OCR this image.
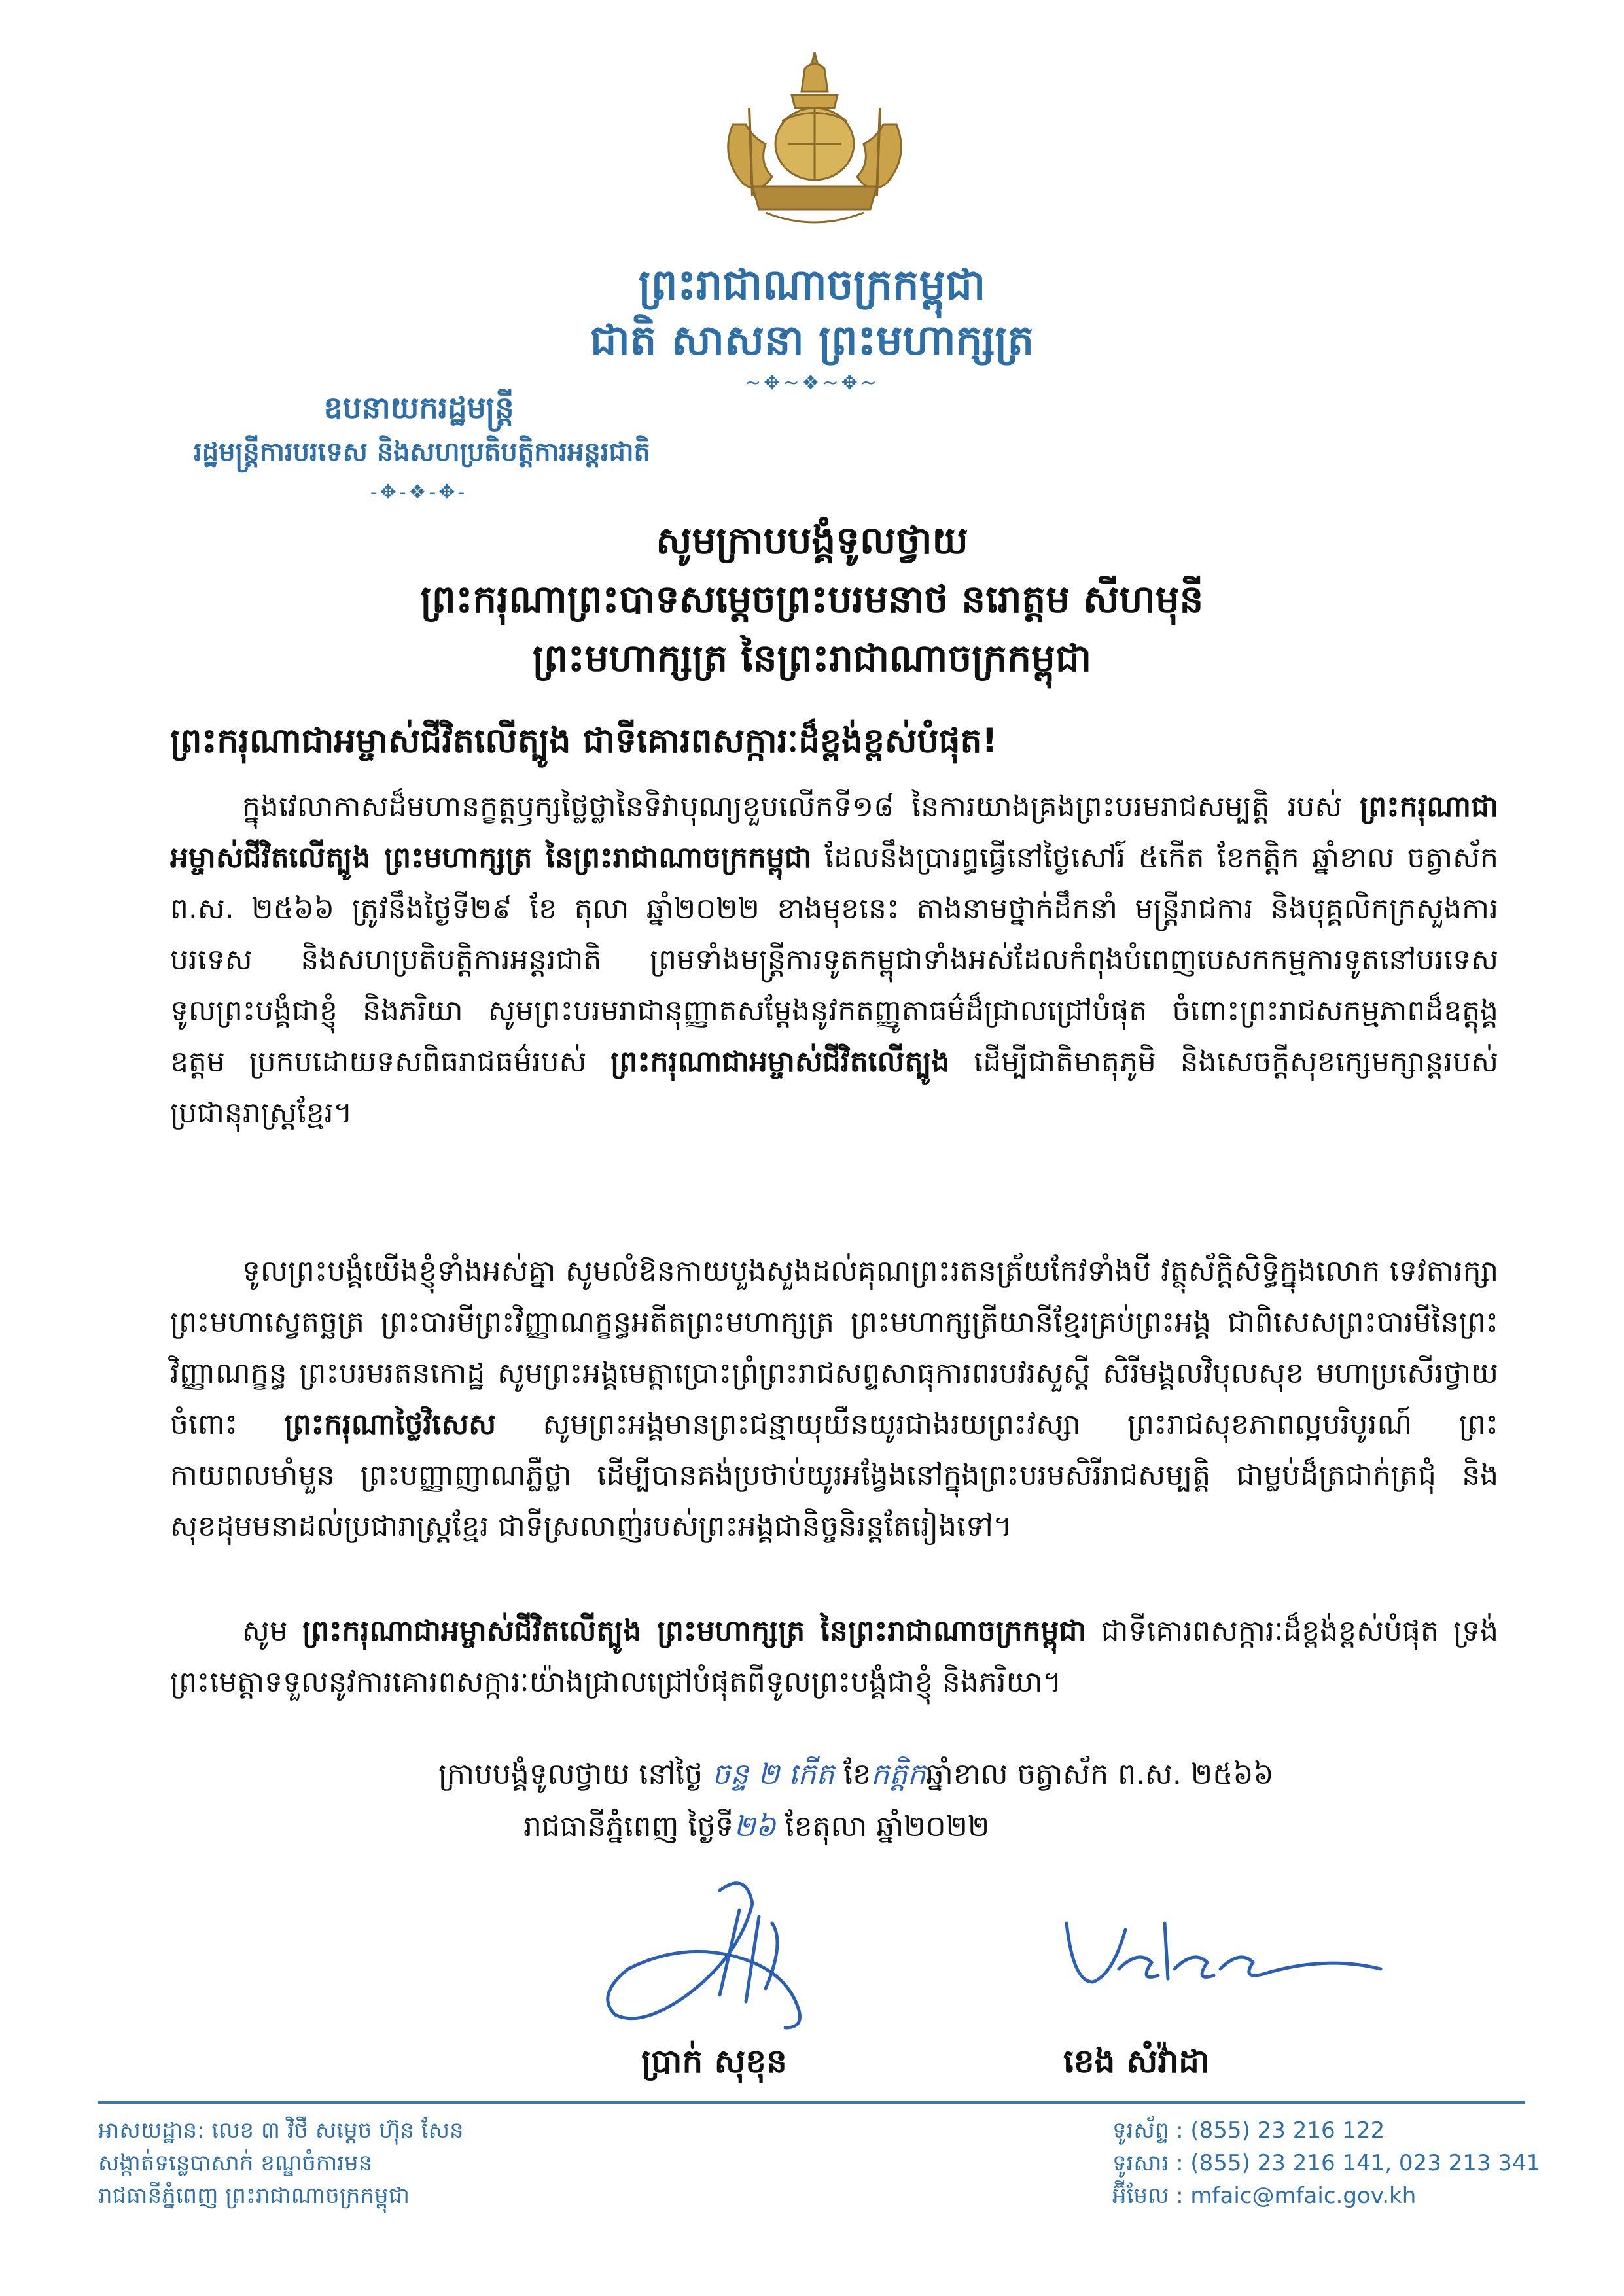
ព្រះរាជាណាចក្រកម្ពុជា
ជាតិ សាសនា ព្រះមហាក្សត្រ
~✥~❖~✥~
ឧបនាយករដ្ឋមន្ត្រី
រដ្ឋមន្ត្រីការបរទេស និងសហប្រតិបត្តិការអន្តរជាតិ
-✥-❖-✥-
សូមក្រាបបង្គំទូលថ្វាយ
ព្រះករុណាព្រះបាទសម្តេចព្រះបរមនាថ នរោត្តម សីហមុនី
ព្រះមហាក្សត្រ នៃព្រះរាជាណាចក្រកម្ពុជា
ព្រះករុណាជាអម្ចាស់ជីវិតលើត្បូង ជាទីគោរពសក្ការៈដ៏ខ្ពង់ខ្ពស់បំផុត!
ក្នុងវេលាកាសដ៏មហានក្ខត្តឫក្សថ្លៃថ្លានៃទិវាបុណ្យខួបលើកទី១៨ នៃការយាងគ្រងព្រះបរមរាជសម្បត្តិ របស់ ព្រះករុណាជាអម្ចាស់ជីវិតលើត្បូង ព្រះមហាក្សត្រ នៃព្រះរាជាណាចក្រកម្ពុជា ដែលនឹងប្រារព្ធធ្វើនៅថ្ងៃសៅរ៍ ៥កើត ខែកត្តិក ឆ្នាំខាល ចត្វាស័ក ព.ស. ២៥៦៦ ត្រូវនឹងថ្ងៃទី២៩ ខែ តុលា ឆ្នាំ២០២២ ខាងមុខនេះ តាងនាមថ្នាក់ដឹកនាំ មន្ត្រីរាជការ និងបុគ្គលិកក្រសួងការបរទេស និងសហប្រតិបត្តិការអន្តរជាតិ ព្រមទាំងមន្ត្រីការទូតកម្ពុជាទាំងអស់ដែលកំពុងបំពេញបេសកកម្មការទូតនៅបរទេស ទូលព្រះបង្គំជាខ្ញុំ និងភរិយា សូមព្រះបរមរាជានុញ្ញាតសម្តែងនូវកតញ្ញូតាធម៌ដ៏ជ្រាលជ្រៅបំផុត ចំពោះព្រះរាជសកម្មភាពដ៏ឧត្តុង្គឧត្តម ប្រកបដោយទសពិធរាជធម៌របស់ ព្រះករុណាជាអម្ចាស់ជីវិតលើត្បូង ដើម្បីជាតិមាតុភូមិ និងសេចក្តីសុខក្សេមក្សាន្តរបស់ប្រជានុរាស្ត្រខ្មែរ។
ទូលព្រះបង្គំយើងខ្ញុំទាំងអស់គ្នា សូមលំឱនកាយបួងសួងដល់គុណព្រះរតនត្រ័យកែវទាំងបី វត្ថុស័ក្តិសិទ្ធិក្នុងលោក ទេវតារក្សាព្រះមហាស្វេតច្ឆត្រ ព្រះបារមីព្រះវិញ្ញាណក្ខន្ធអតីតព្រះមហាក្សត្រ ព្រះមហាក្សត្រីយានីខ្មែរគ្រប់ព្រះអង្គ ជាពិសេសព្រះបារមីនៃព្រះវិញ្ញាណក្ខន្ធ ព្រះបរមរតនកោដ្ឋ សូមព្រះអង្គមេត្តាប្រោះព្រំព្រះរាជសព្ទសាធុការពរបវរសួស្តី សិរីមង្គលវិបុលសុខ មហាប្រសើរថ្វាយចំពោះ ព្រះករុណាថ្លៃវិសេស សូមព្រះអង្គមានព្រះជន្មាយុយឺនយូរជាងរយព្រះវស្សា ព្រះរាជសុខភាពល្អបរិបូរណ៍ ព្រះកាយពលមាំមួន ព្រះបញ្ញាញាណភ្លឺថ្លា ដើម្បីបានគង់ប្រថាប់យូរអង្វែងនៅក្នុងព្រះបរមសិរីរាជសម្បត្តិ ជាម្លប់ដ៏ត្រជាក់ត្រជុំ និងសុខដុមមនាដល់ប្រជារាស្ត្រខ្មែរ ជាទីស្រលាញ់របស់ព្រះអង្គជានិច្ចនិរន្តតែរៀងទៅ។
សូម ព្រះករុណាជាអម្ចាស់ជីវិតលើត្បូង ព្រះមហាក្សត្រ នៃព្រះរាជាណាចក្រកម្ពុជា ជាទីគោរពសក្ការៈដ៏ខ្ពង់ខ្ពស់បំផុត ទ្រង់ព្រះមេត្តាទទួលនូវការគោរពសក្ការៈយ៉ាងជ្រាលជ្រៅបំផុតពីទូលព្រះបង្គំជាខ្ញុំ និងភរិយា។
ក្រាបបង្គំទូលថ្វាយ នៅថ្ងៃ ចន្ទ ២ កើត ខែកត្តិកឆ្នាំខាល ចត្វាស័ក ព.ស. ២៥៦៦
រាជធានីភ្នំពេញ ថ្ងៃទី២៦ ខែតុលា ឆ្នាំ២០២២
ប្រាក់ សុខុន	ខេង សំវ៉ាដា
អាសយដ្ឋាន: លេខ ៣ វិថី សម្តេច ហ៊ុន សែន
សង្កាត់ទន្លេបាសាក់ ខណ្ឌចំការមន
រាជធានីភ្នំពេញ ព្រះរាជាណាចក្រកម្ពុជា
ទូរស័ព្ទ : (855) 23 216 122
ទូរសារ : (855) 23 216 141, 023 213 341
អ៊ីមែល : mfaic@mfaic.gov.kh
